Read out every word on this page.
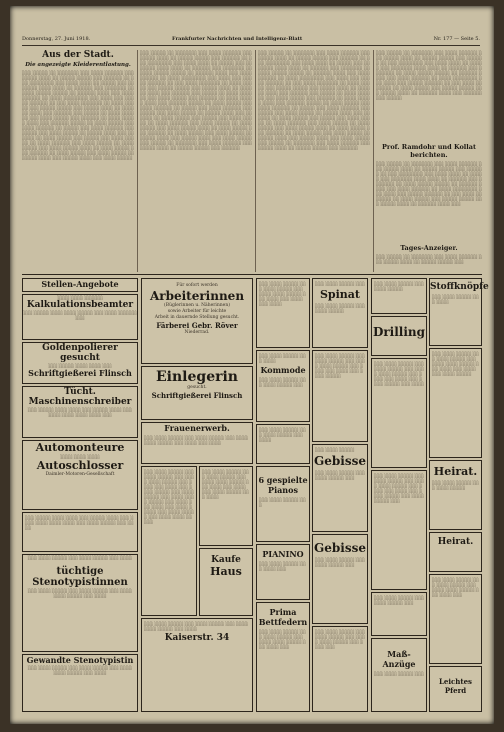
Donnerstag, 27. Juni 1918.	Frankfurter Nachrichten und Intelligenz-Blatt	Nr. 177 — Seite 5.
Aus der Stadt.
Die angezeigte Kleiderentlastung.
░░░ ░░░░░ ░░ ░░░░░░░ ░░░ ░░░░ ░░░░░░ ░░░ ░░░░░ ░░░░ ░░ ░░░░░ ░░░░░ ░░░ ░░░░░░ ░░ ░░░ ░░░░░░░░ ░░░ ░░░░ ░░░░ ░░ ░░░░░ ░░░ ░░░░░░░ ░░░░ ░░░░ ░░ ░░░░░░ ░░░ ░░░░░░░ ░░ ░░░░ ░░░░░ ░░░░░ ░░ ░░░░░░ ░░░░ ░░░ ░░░░ ░░░░░░ ░░ ░░░░ ░░░░░░░░ ░░░ ░░░░ ░░░ ░░░░░ ░░░░░░ ░░ ░░░ ░░░░ ░░░░░░░ ░░ ░░░░ ░░░░░ ░░░ ░░░░░ ░░░░░ ░░░ ░░░░░ ░░░░ ░░ ░░░░░░ ░░░░ ░░░ ░░░░░░ ░░░ ░░░░░ ░░ ░░░░ ░░░░░░ ░░░ ░░░░ ░░░░░ ░░░ ░░░░░░ ░░ ░░░░ ░░░░░ ░░░░ ░░░ ░░░░░░ ░░░░░ ░░ ░░░░ ░░░░░ ░░░ ░░░░ ░░░░░░ ░░ ░░░░░ ░░░ ░░░░ ░░░░░░ ░░░ ░░░░░ ░░░ ░░░░ ░░░░░ ░░ ░░░░░ ░░░░ ░░░ ░░░░░░ ░░ ░░░░ ░░░░░ ░░░ ░░░░░ ░░░ ░░░░ ░░░░░ ░░ ░░░░ ░░░░░░ ░░░ ░░░░ ░░░░░ ░░ ░░░░ ░░░░░ ░░░ ░░░░ ░░░░░ ░░░░ ░░ ░░░░ ░░░░░ ░░░ ░░░░░░ ░░ ░░░░ ░░░░░ ░░░ ░░░░ ░░░░░ ░░ ░░░░░ ░░░░ ░░░ ░░░░░ ░░░░ ░░░ ░░░░ ░░░░░
░░░ ░░░░░ ░░ ░░░░░░░ ░░░ ░░░░ ░░░░░░ ░░░ ░░░░░ ░░░░ ░░ ░░░░░ ░░░░░ ░░░ ░░░░░░ ░░ ░░░ ░░░░░░░░ ░░░ ░░░░ ░░░░ ░░ ░░░░░ ░░░ ░░░░░░░ ░░░░ ░░░░ ░░ ░░░░░░ ░░░ ░░░░░░░ ░░ ░░░░ ░░░░░ ░░░░░ ░░ ░░░░░░ ░░░░ ░░░ ░░░░ ░░░░░░ ░░ ░░░░ ░░░░░░░░ ░░░ ░░░░ ░░░ ░░░░░ ░░░░░░ ░░ ░░░ ░░░░ ░░░░░░░ ░░ ░░░░ ░░░░░ ░░░ ░░░░░ ░░░░░ ░░░ ░░░░░ ░░░░ ░░ ░░░░░░ ░░░░ ░░░ ░░░░░░ ░░░ ░░░░░ ░░ ░░░░ ░░░░░░ ░░░ ░░░░ ░░░░░ ░░░ ░░░░░░ ░░ ░░░░ ░░░░░ ░░░░ ░░░ ░░░░░░ ░░░░░ ░░ ░░░░ ░░░░░ ░░░ ░░░░ ░░░░░░ ░░ ░░░░░ ░░░ ░░░░ ░░░░░░ ░░░ ░░░░░ ░░░ ░░░░ ░░░░░ ░░ ░░░░░ ░░░░ ░░░ ░░░░░░ ░░ ░░░░ ░░░░░ ░░░ ░░░░░ ░░░ ░░░░ ░░░░░ ░░ ░░░░ ░░░░░░ ░░░ ░░░░ ░░░░░ ░░ ░░░░ ░░░░░ ░░░ ░░░░ ░░░░░ ░░░░ ░░ ░░░░ ░░░░░ ░░░ ░░░░░░ ░░ ░░░░ ░░░░░ ░░░ ░░░░ ░░░░░ ░░ ░░░░░ ░░░░ ░░░ ░░░░░ ░░░░ ░░░ ░░░░ ░░░░░ ░░░ ░░░░░ ░░ ░░░░░░░ ░░░ ░░░░ ░░░░░░ ░░░ ░░░░░ ░░░░ ░░ ░░░░░ ░░░░░ ░░░ ░░░░░░
░░░ ░░░░░ ░░ ░░░░░░░ ░░░ ░░░░ ░░░░░░ ░░░ ░░░░░ ░░░░ ░░ ░░░░░ ░░░░░ ░░░ ░░░░░░ ░░ ░░░ ░░░░░░░░ ░░░ ░░░░ ░░░░ ░░ ░░░░░ ░░░ ░░░░░░░ ░░░░ ░░░░ ░░ ░░░░░░ ░░░ ░░░░░░░ ░░ ░░░░ ░░░░░ ░░░░░ ░░ ░░░░░░ ░░░░ ░░░ ░░░░ ░░░░░░ ░░ ░░░░ ░░░░░░░░ ░░░ ░░░░ ░░░ ░░░░░ ░░░░░░ ░░ ░░░ ░░░░ ░░░░░░░ ░░ ░░░░ ░░░░░ ░░░ ░░░░░ ░░░░░ ░░░ ░░░░░ ░░░░ ░░ ░░░░░░ ░░░░ ░░░ ░░░░░░ ░░░ ░░░░░ ░░ ░░░░ ░░░░░░ ░░░ ░░░░ ░░░░░ ░░░ ░░░░░░ ░░ ░░░░ ░░░░░ ░░░░ ░░░ ░░░░░░ ░░░░░ ░░ ░░░░ ░░░░░ ░░░ ░░░░ ░░░░░░ ░░ ░░░░░ ░░░ ░░░░ ░░░░░░ ░░░ ░░░░░ ░░░ ░░░░ ░░░░░ ░░ ░░░░░ ░░░░ ░░░ ░░░░░░ ░░ ░░░░ ░░░░░ ░░░ ░░░░░ ░░░ ░░░░ ░░░░░ ░░ ░░░░ ░░░░░░ ░░░ ░░░░ ░░░░░ ░░ ░░░░ ░░░░░ ░░░ ░░░░ ░░░░░ ░░░░ ░░ ░░░░ ░░░░░ ░░░ ░░░░░░ ░░ ░░░░ ░░░░░ ░░░ ░░░░ ░░░░░ ░░ ░░░░░ ░░░░ ░░░ ░░░░░ ░░░░ ░░░ ░░░░ ░░░░░ ░░░ ░░░░░ ░░ ░░░░░░░ ░░░ ░░░░ ░░░░░░ ░░░ ░░░░░ ░░░░ ░░ ░░░░░ ░░░░░ ░░░ ░░░░░░
░░░ ░░░░░ ░░ ░░░░░░░ ░░░ ░░░░ ░░░░░░ ░░░ ░░░░░ ░░░░ ░░ ░░░░░ ░░░░░ ░░░ ░░░░░░ ░░ ░░░ ░░░░░░░░ ░░░ ░░░░ ░░░░ ░░ ░░░░░ ░░░ ░░░░░░░ ░░░░ ░░░░ ░░ ░░░░░░ ░░░ ░░░░░░░ ░░ ░░░░ ░░░░░ ░░░░░ ░░ ░░░░░░ ░░░░ ░░░ ░░░░ ░░░░░░ ░░ ░░░░ ░░░░░░░░ ░░░ ░░░░ ░░░ ░░░░░ ░░░░░░ ░░ ░░░ ░░░░ ░░░░░░░ ░░ ░░░░ ░░░░░ ░░░ ░░░░░ ░░░░░ ░░░ ░░░░░ ░░░░ ░░ ░░░░░░ ░░░░ ░░░ ░░░░░░ ░░░ ░░░░░
Prof. Ramdohr und Kollat berichten.
░░░ ░░░░░ ░░ ░░░░░░░ ░░░ ░░░░ ░░░░░░ ░░░ ░░░░░ ░░░░ ░░ ░░░░░ ░░░░░ ░░░ ░░░░░░ ░░ ░░░ ░░░░░░░░ ░░░ ░░░░ ░░░░ ░░ ░░░░░ ░░░ ░░░░░░░ ░░░░ ░░░░ ░░ ░░░░░░ ░░░ ░░░░░░░ ░░ ░░░░ ░░░░░ ░░░░░ ░░ ░░░░░░ ░░░░ ░░░ ░░░░ ░░░░░░ ░░ ░░░░ ░░░░░░░░ ░░░ ░░░░ ░░░ ░░░░░ ░░░░░░ ░░ ░░░ ░░░░ ░░░░░░░ ░░ ░░░░ ░░░░░ ░░░ ░░░░░ ░░░░░ ░░░ ░░░░░ ░░░░ ░░ ░░░░░░ ░░░░ ░░░
Tages-Anzeiger.
░░░ ░░░░░ ░░ ░░░░░░░ ░░░ ░░░░ ░░░░░░ ░░░ ░░░░░ ░░░░ ░░ ░░░░░ ░░░░░ ░░░
Stellen-Angebote
░░░░ ░░░░ ░░░░░░
Kalkulationsbeamter
░░░ ░░░░░ ░░░░ ░░░░ ░░░░░ ░░░ ░░░░ ░░░░░░ ░░░
Goldenpolierer gesucht
░░░ ░░░░░ ░░░░ ░░░░ ░░░
Schriftgießerei Flinsch
Tücht. Maschinenschreiber
░░░ ░░░░░ ░░░░ ░░░░ ░░░ ░░░░░ ░░░░ ░░░ ░░░░ ░░░░ ░░░░ ░░░░ ░░░
Automonteure
░░░░ ░░░░ ░░░░
Autoschlosser
Daimler-Motoren-Gesellschaft
░░░ ░░░░░ ░░░░ ░░░░ ░░░ ░░░░░ ░░░░ ░░░ ░░░░ ░░░░ ░░░░ ░░░░ ░░░ ░░░░ ░░░░░ ░░░ ░░░░
░░░ ░░░░ ░░░░░ ░░░ ░░░░ ░░░░░ ░░░ ░░░░
tüchtige Stenotypistinnen
░░░ ░░░░ ░░░░░ ░░░ ░░░░ ░░░░░ ░░░ ░░░░ ░░░░ ░░░░░ ░░░ ░░░░
Gewandte Stenotypistin
░░░ ░░░░ ░░░░░ ░░░ ░░░░ ░░░░░ ░░░ ░░░░ ░░░░ ░░░░░ ░░░ ░░░░
Für sofort werden
Arbeiterinnen
(Büglerinnen u. Näherinnen)
sowie Arbeiter für leichte
Arbeit in dauernde Stellung gesucht.
Färberei Gebr. Röver
Niederrad.
Einlegerin
gesucht.
Schriftgießerei Flinsch
Frauenerwerb.
░░░ ░░░░ ░░░░░ ░░░ ░░░░ ░░░░░ ░░░ ░░░░ ░░░░ ░░░░░ ░░░ ░░░░ ░░░ ░░░░
░░░ ░░░░ ░░░░░ ░░░ ░░░░ ░░░░░ ░░░ ░░░░ ░░░░ ░░░░░ ░░░ ░░░░ ░░░ ░░░░ ░░░ ░░░░ ░░░░░ ░░░ ░░░░ ░░░░░ ░░░ ░░░░ ░░░░ ░░░░░ ░░░ ░░░░ ░░░ ░░░░ ░░░ ░░░░ ░░░░░ ░░░ ░░░░ ░░░░░ ░░░ ░░░░ ░░░░ ░░░░░
░░░ ░░░░ ░░░░░ ░░░ ░░░░ ░░░░░ ░░░ ░░░░ ░░░░ ░░░░░ ░░░ ░░░░ ░░░ ░░░░ ░░░ ░░░░ ░░░░░ ░░░ ░░░░
Kaufe
Haus
░░░ ░░░░ ░░░░░ ░░░ ░░░░ ░░░░░ ░░░ ░░░░ ░░░░ ░░░░░ ░░░ ░░░░
Kaiserstr. 34
░░░ ░░░░ ░░░░░ ░░░ ░░░░ ░░░░░ ░░░ ░░░░ ░░░░ ░░░░░ ░░░ ░░░░ ░░░ ░░░░ ░░░ ░░░░
░░░ ░░░░ ░░░░░ ░░░ ░░░░
Kommode
░░░ ░░░░ ░░░░░ ░░░ ░░░░ ░░░░░ ░░░
░░░ ░░░░ ░░░░░ ░░░ ░░░░ ░░░░░ ░░░ ░░░░
6 gespielte Pianos
░░░ ░░░░ ░░░░░ ░░░
PIANINO
░░░ ░░░░ ░░░░░ ░░░ ░░░░ ░░░
Prima Bettfedern
░░░ ░░░░ ░░░░░ ░░░ ░░░░ ░░░░░ ░░░ ░░░░ ░░░░ ░░░░░ ░░░ ░░░░ ░░░
░░░ ░░░░ ░░░░░ ░░░
Spinat
░░░ ░░░░ ░░░░░ ░░░ ░░░░ ░░░░░
░░░ ░░░░ ░░░░░ ░░░ ░░░░ ░░░░░ ░░░ ░░░░ ░░░░ ░░░░░ ░░░ ░░░░ ░░░ ░░░░ ░░░ ░░░░ ░░░░░
░░░ ░░░░ ░░░░░
Gebisse
░░░ ░░░░ ░░░░░ ░░░ ░░░░ ░░░░░ ░░░
Gebisse
░░░ ░░░░ ░░░░░ ░░░ ░░░░ ░░░░░ ░░░
░░░ ░░░░ ░░░░░ ░░░ ░░░░ ░░░░░ ░░░ ░░░░ ░░░░ ░░░░░ ░░░ ░░░░ ░░░
░░░ ░░░░ ░░░░░ ░░░ ░░░░ ░░░░░
Drilling
░░░ ░░░░ ░░░░░ ░░░ ░░░░ ░░░░░ ░░░ ░░░░ ░░░░ ░░░░░ ░░░ ░░░░ ░░░ ░░░░ ░░░ ░░░░ ░░░░░ ░░░ ░░░░
░░░ ░░░░ ░░░░░ ░░░ ░░░░ ░░░░░ ░░░ ░░░░ ░░░░ ░░░░░ ░░░ ░░░░ ░░░ ░░░░ ░░░ ░░░░ ░░░░░ ░░░ ░░░░ ░░░░░ ░░░
░░░ ░░░░ ░░░░░ ░░░ ░░░░ ░░░░░ ░░░
Maß-Anzüge
░░░ ░░░░ ░░░░░ ░░░
Stoffknöpfe
░░░ ░░░░ ░░░░░ ░░░ ░░░░
░░░ ░░░░ ░░░░░ ░░░ ░░░░ ░░░░░ ░░░ ░░░░ ░░░░ ░░░░░ ░░░ ░░░░ ░░░ ░░░░ ░░░ ░░░░ ░░░░░
Heirat.
░░░ ░░░░ ░░░░░ ░░░ ░░░░ ░░░░░
Heirat.
░░░ ░░░░ ░░░░░ ░░░ ░░░░ ░░░░░ ░░░ ░░░░ ░░░░ ░░░░░ ░░░ ░░░░ ░░░
Leichtes Pferd
